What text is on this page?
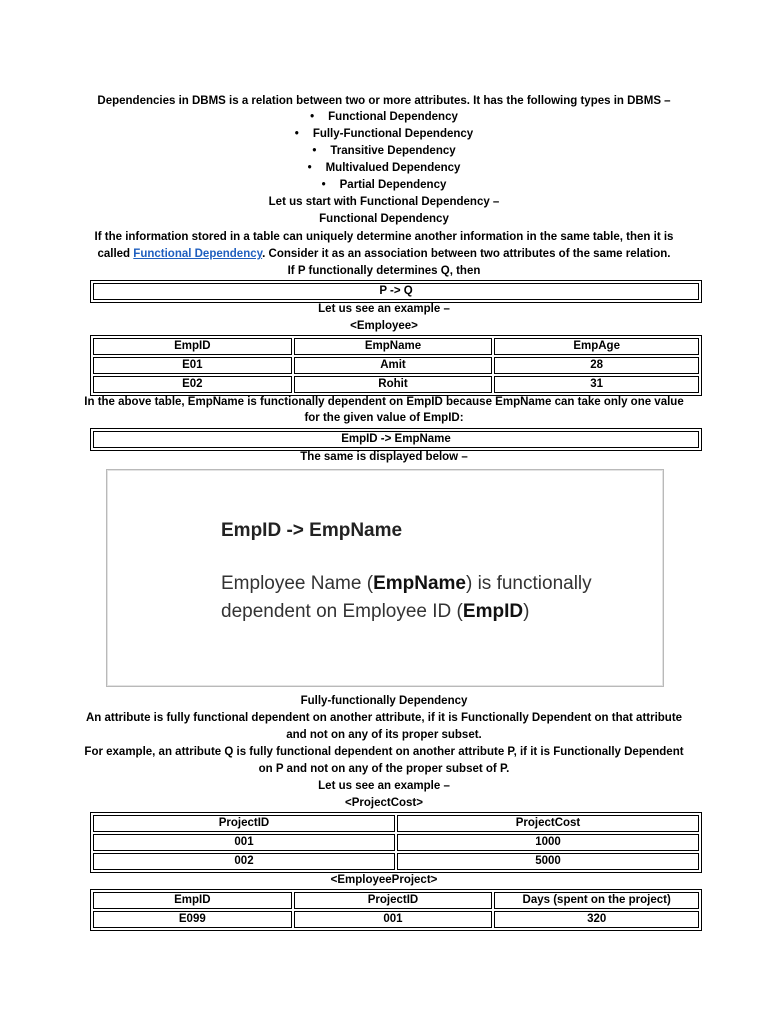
Dependencies in DBMS is a relation between two or more attributes. It has the following types in DBMS –
• Functional Dependency
• Fully-Functional Dependency
• Transitive Dependency
• Multivalued Dependency
• Partial Dependency
Let us start with Functional Dependency –
Functional Dependency
If the information stored in a table can uniquely determine another information in the same table, then it is
called Functional Dependency. Consider it as an association between two attributes of the same relation.
If P functionally determines Q, then
P -> Q
Let us see an example –
<Employee>
EmpID	EmpName	EmpAge
E01	Amit	28
E02	Rohit	31
In the above table, EmpName is functionally dependent on EmpID because EmpName can take only one value
for the given value of EmpID:
EmpID -> EmpName
The same is displayed below –
EmpID -> EmpName
Employee Name (EmpName) is functionally
dependent on Employee ID (EmpID)
Fully-functionally Dependency
An attribute is fully functional dependent on another attribute, if it is Functionally Dependent on that attribute
and not on any of its proper subset.
For example, an attribute Q is fully functional dependent on another attribute P, if it is Functionally Dependent
on P and not on any of the proper subset of P.
Let us see an example –
<ProjectCost>
ProjectID	ProjectCost
001	1000
002	5000
<EmployeeProject>
EmpID	ProjectID	Days (spent on the project)
E099	001	320
